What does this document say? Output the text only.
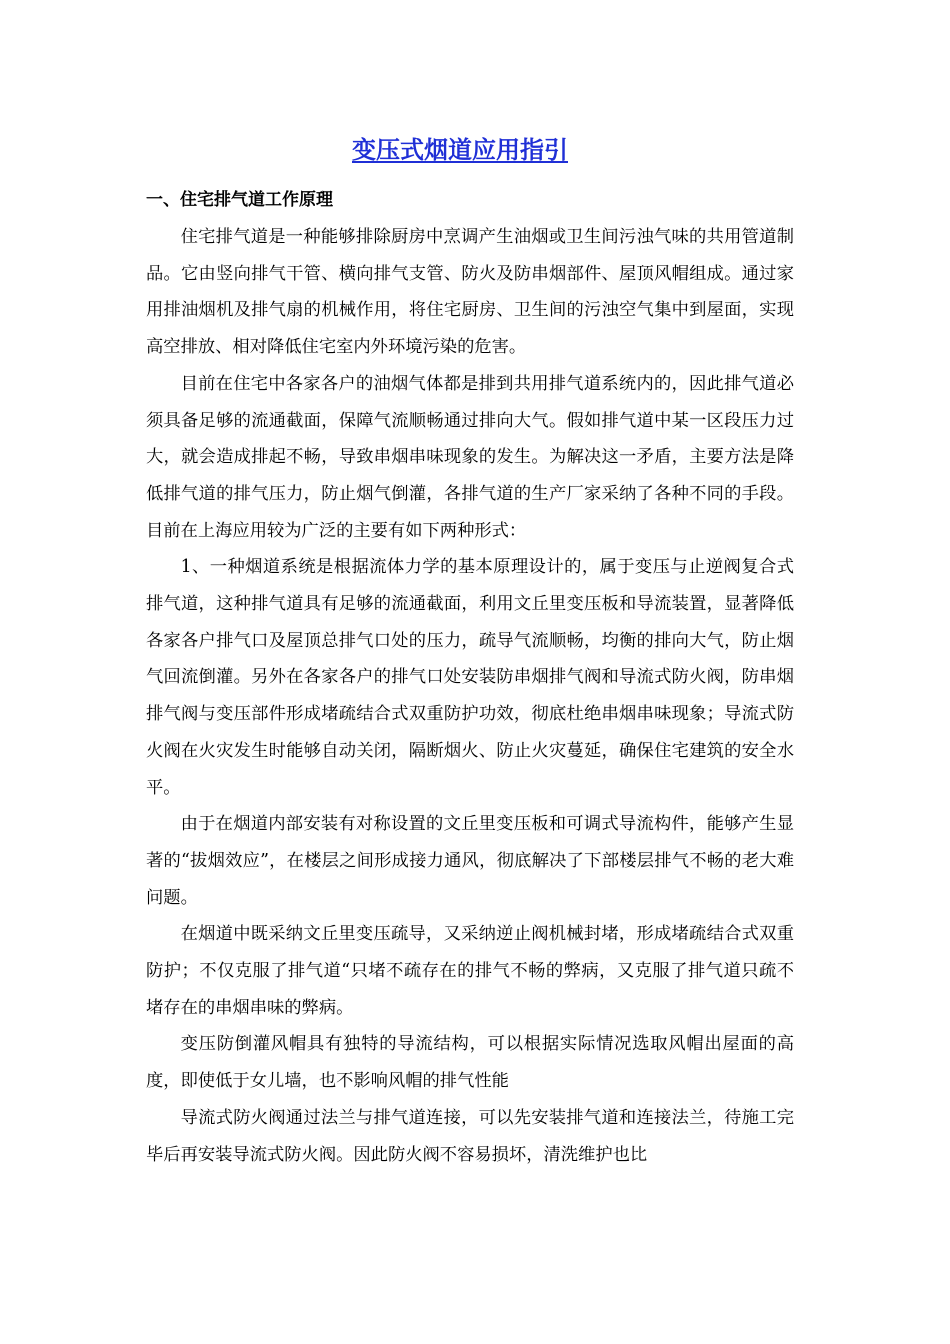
变压式烟道应用指引
一、住宅排气道工作原理

住宅排气道是一种能够排除厨房中烹调产生油烟或卫生间污浊气味的共用管道制品。它由竖向排气干管、横向排气支管、防火及防串烟部件、屋顶风帽组成。通过家用排油烟机及排气扇的机械作用，将住宅厨房、卫生间的污浊空气集中到屋面，实现高空排放、相对降低住宅室内外环境污染的危害。

目前在住宅中各家各户的油烟气体都是排到共用排气道系统内的，因此排气道必须具备足够的流通截面，保障气流顺畅通过排向大气。假如排气道中某一区段压力过大，就会造成排起不畅，导致串烟串味现象的发生。为解决这一矛盾，主要方法是降低排气道的排气压力，防止烟气倒灌，各排气道的生产厂家采纳了各种不同的手段。目前在上海应用较为广泛的主要有如下两种形式：

1、一种烟道系统是根据流体力学的基本原理设计的，属于变压与止逆阀复合式排气道，这种排气道具有足够的流通截面，利用文丘里变压板和导流装置，显著降低各家各户排气口及屋顶总排气口处的压力，疏导气流顺畅，均衡的排向大气，防止烟气回流倒灌。另外在各家各户的排气口处安装防串烟排气阀和导流式防火阀，防串烟排气阀与变压部件形成堵疏结合式双重防护功效，彻底杜绝串烟串味现象；导流式防火阀在火灾发生时能够自动关闭，隔断烟火、防止火灾蔓延，确保住宅建筑的安全水平。

由于在烟道内部安装有对称设置的文丘里变压板和可调式导流构件，能够产生显著的“拔烟效应”，在楼层之间形成接力通风，彻底解决了下部楼层排气不畅的老大难问题。

在烟道中既采纳文丘里变压疏导，又采纳逆止阀机械封堵，形成堵疏结合式双重防护；不仅克服了排气道“只堵不疏存在的排气不畅的弊病，又克服了排气道只疏不堵存在的串烟串味的弊病。

变压防倒灌风帽具有独特的导流结构，可以根据实际情况选取风帽出屋面的高度，即使低于女儿墙，也不影响风帽的排气性能

导流式防火阀通过法兰与排气道连接，可以先安装排气道和连接法兰，待施工完毕后再安装导流式防火阀。因此防火阀不容易损坏，清洗维护也比
